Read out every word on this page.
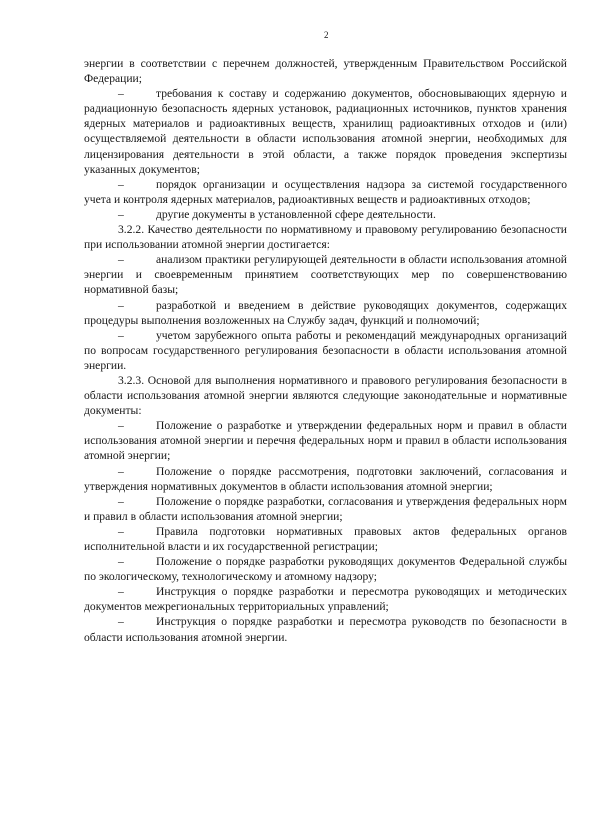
2

энергии в соответствии с перечнем должностей, утвержденным Правительством Российской Федерации;

–	требования к составу и содержанию документов, обосновывающих ядерную и радиационную безопасность ядерных установок, радиационных источников, пунктов хранения ядерных материалов и радиоактивных веществ, хранилищ радиоактивных отходов и (или) осуществляемой деятельности в области использования атомной энергии, необходимых для лицензирования деятельности в этой области, а также порядок проведения экспертизы указанных документов;

–	порядок организации и осуществления надзора за системой государственного учета и контроля ядерных материалов, радиоактивных веществ и радиоактивных отходов;

–	другие документы в установленной сфере деятельности.

3.2.2. Качество деятельности по нормативному и правовому регулированию безопасности при использовании атомной энергии достигается:

–	анализом практики регулирующей деятельности в области использования атомной энергии и своевременным принятием соответствующих мер по совершенствованию нормативной базы;

–	разработкой и введением в действие руководящих документов, содержащих процедуры выполнения возложенных на Службу задач, функций и полномочий;

–	учетом зарубежного опыта работы и рекомендаций международных организаций по вопросам государственного регулирования безопасности в области использования атомной энергии.

3.2.3. Основой для выполнения нормативного и правового регулирования безопасности в области использования атомной энергии являются следующие законодательные и нормативные документы:

–	Положение о разработке и утверждении федеральных норм и правил в области использования атомной энергии и перечня федеральных норм и правил в области использования атомной энергии;

–	Положение о порядке рассмотрения, подготовки заключений, согласования и утверждения нормативных документов в области использования атомной энергии;

–	Положение о порядке разработки, согласования и утверждения федеральных норм и правил в области использования атомной энергии;

–	Правила подготовки нормативных правовых актов федеральных органов исполнительной власти и их государственной регистрации;

–	Положение о порядке разработки руководящих документов Федеральной службы по экологическому, технологическому и атомному надзору;

–	Инструкция о порядке разработки и пересмотра руководящих и методических документов межрегиональных территориальных управлений;

–	Инструкция о порядке разработки и пересмотра руководств по безопасности в области использования атомной энергии.
